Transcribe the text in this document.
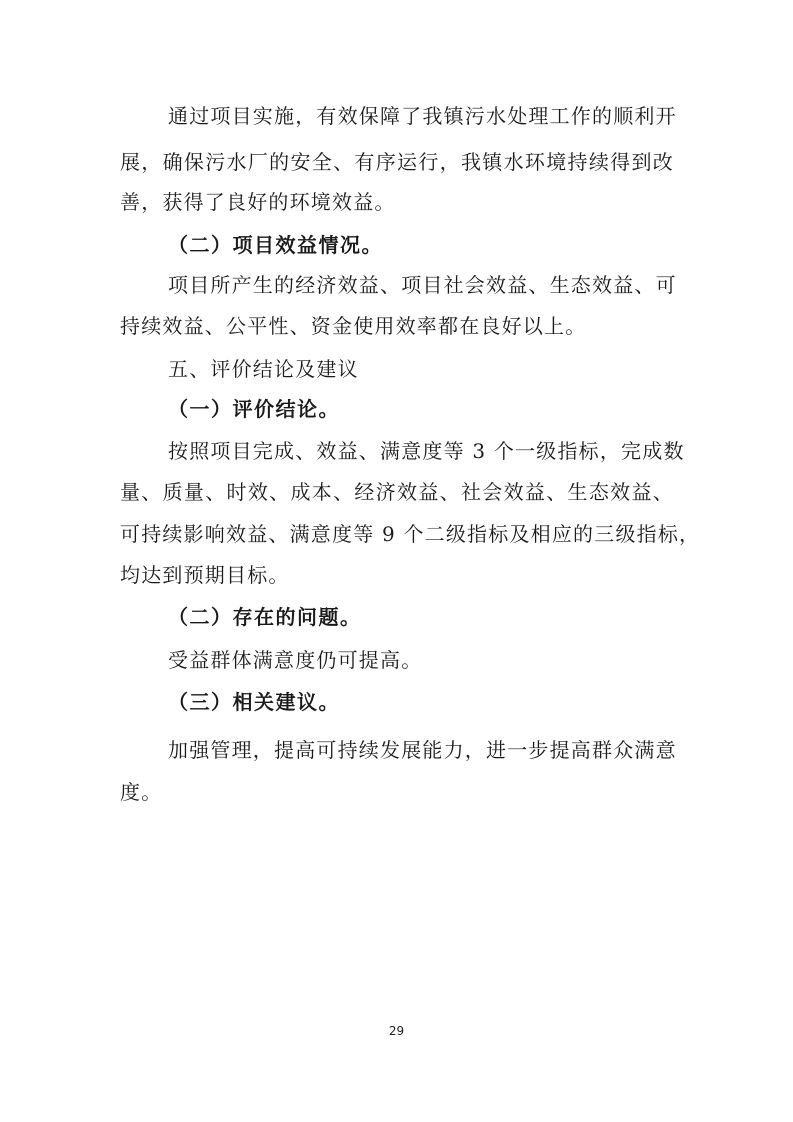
通过项目实施，有效保障了我镇污水处理工作的顺利开
展，确保污水厂的安全、有序运行，我镇水环境持续得到改
善，获得了良好的环境效益。
（二）项目效益情况。
项目所产生的经济效益、项目社会效益、生态效益、可
持续效益、公平性、资金使用效率都在良好以上。
五、评价结论及建议
（一）评价结论。
按照项目完成、效益、满意度等 3 个一级指标，完成数
量、质量、时效、成本、经济效益、社会效益、生态效益、
可持续影响效益、满意度等 9 个二级指标及相应的三级指标，
均达到预期目标。
（二）存在的问题。
受益群体满意度仍可提高。
（三）相关建议。
加强管理，提高可持续发展能力，进一步提高群众满意
度。
29
